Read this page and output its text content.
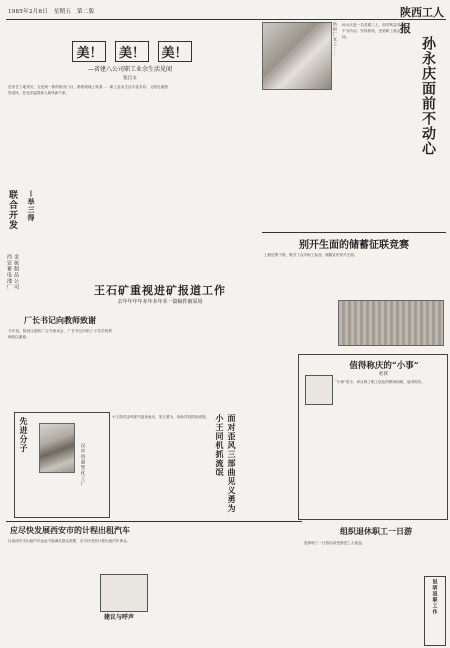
1985年2月8日　星期五　第二版	陕西工人报
美！ 美！ 美！
—省建八公司职工业余生活见闻
张自文
近来在工地采访，无论到一栋的宿舍门口，都看到墙上贴着……职工业余生活丰富多彩，文明礼貌蔚然成风，处处洋溢着新人新风新气象。
联合开发 —举三得
金属制品公司西安蓄电池厂
纺织厂女工…… 孙永庆是一名普通工人，面对利益诱惑不为所动，坚持原则，受到职工群众赞扬。	孙永庆面前不动心
别开生面的储蓄征联竞赛
上联征集下联，吸引了众多职工参加，储蓄宣传别开生面。
王石矿重视进矿报道工作
去年年年年本年本年本一篇稿件被采用
厂长书记向教师致谢
今年初，陕西压缩机厂召开座谈会，厂长书记向职工子弟学校教师致以谢意。
先进分子
汉中县重型化工厂
小王面对歪风邪气挺身而出，见义勇为，协助司机抓获流氓。	面对歪风三部曲见义勇为小王同机抓流氓
值得称庆的“小事”
杜侠
“小事”虽小，却反映了职工队伍的精神面貌，值得称庆。
应尽快发展西安市的计程出租汽车
目前西安市出租汽车远远不能满足群众需要，应尽快发展计程出租汽车事业。
建议与呼声
组织退休职工一日游
退休职工一日游活动受到老工人欢迎。
说明退职工作
